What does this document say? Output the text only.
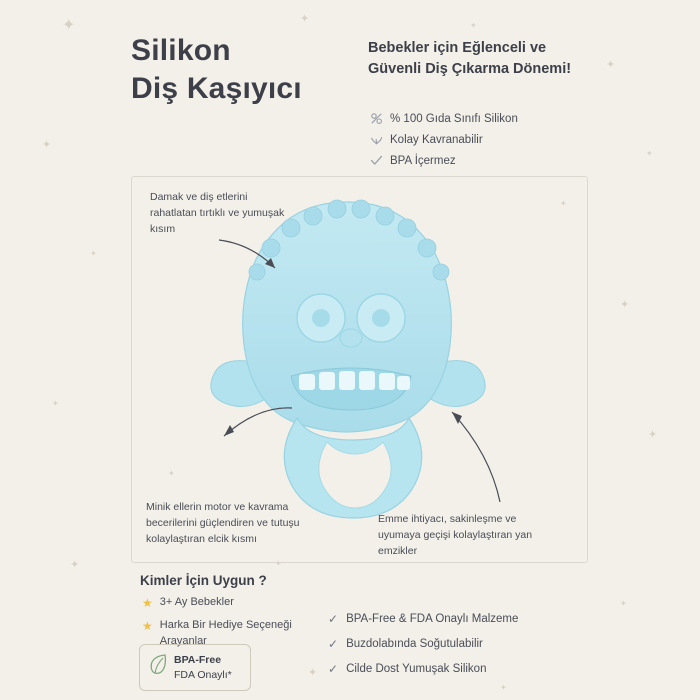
✦	✦
✦
✦
✦
✦
✦
✦
✦
✦
✦
✦
✦
✦
✦
✦
✦
Silikon
Diş Kaşıyıcı
Bebekler için Eğlenceli ve Güvenli Diş Çıkarma Dönemi!
% 100 Gıda Sınıfı Silikon
Kolay Kavranabilir
BPA İçermez
Damak ve diş etlerini rahatlatan tırtıklı ve yumuşak kısım
Minik ellerin motor ve kavrama becerilerini güçlendiren ve tutuşu kolaylaştıran elcik kısmı
Emme ihtiyacı, sakinleşme ve uyumaya geçişi kolaylaştıran yan emzikler
Kimler İçin Uygun ?
★ 3+ Ay Bebekler
★ Harka Bir Hediye Seçeneği Arayanlar
BPA-Free
FDA Onaylı*
✓ BPA-Free & FDA Onaylı Malzeme
✓ Buzdolabında Soğutulabilir
✓ Cilde Dost Yumuşak Silikon
